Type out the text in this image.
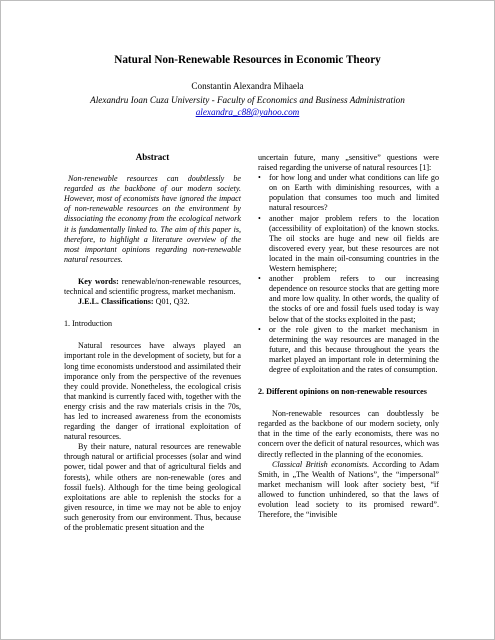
Natural Non-Renewable Resources in Economic Theory
Constantin Alexandra Mihaela
Alexandru Ioan Cuza University - Faculty of Economics and Business Administration
alexandra_c88@yahoo.com
Abstract

Non-renewable resources can doubtlessly be regarded as the backbone of our modern society. However, most of economists have ignored the impact of non-renewable resources on the environment by dissociating the economy from the ecological network it is fundamentally linked to. The aim of this paper is, therefore, to highlight a literature overview of the most important opinions regarding non-renewable natural resources.

Key words: renewable/non-renewable resources, technical and scientific progress, market mechanism.

J.E.L. Classifications: Q01, Q32.

1. Introduction

Natural resources have always played an important role in the development of society, but for a long time economists understood and assimilated their imporance only from the perspective of the revenues they could provide. Nonetheless, the ecological crisis that mankind is currently faced with, together with the energy crisis and the raw materials crisis in the 70s, has led to increased awareness from the economists regarding the danger of irrational exploitation of natural resources.

By their nature, natural resources are renewable through natural or artificial processes (solar and wind power, tidal power and that of agricultural fields and forests), while others are non-renewable (ores and fossil fuels). Although for the time being geological exploitations are able to replenish the stocks for a given resource, in time we may not be able to enjoy such generosity from our environment. Thus, because of the problematic present situation and the

uncertain future, many „sensitive” questions were raised regarding the universe of natural resources [1]:

• for how long and under what conditions can life go on on Earth with diminishing resources, with a population that consumes too much and limited natural resources?
• another major problem refers to the location (accessibility of exploitation) of the known stocks. The oil stocks are huge and new oil fields are discovered every year, but these resources are not located in the main oil-consuming countries in the Western hemisphere;
• another problem refers to our increasing dependence on resource stocks that are getting more and more low quality. In other words, the quality of the stocks of ore and fossil fuels used today is way below that of the stocks exploited in the past;
• or the role given to the market mechanism in determining the way resources are managed in the future, and this because throughout the years the market played an important role in determining the degree of exploitation and the rates of consumption.
2. Different opinions on non-renewable resources

Non-renewable resources can doubtlessly be regarded as the backbone of our modern society, only that in the time of the early economists, there was no concern over the deficit of natural resources, which was directly reflected in the planning of the economies.

Classical British economists. According to Adam Smith, in „The Wealth of Nations”, the “impersonal” market mechanism will look after society best, “if allowed to function unhindered, so that the laws of evolution lead society to its promised reward”. Therefore, the “invisible
